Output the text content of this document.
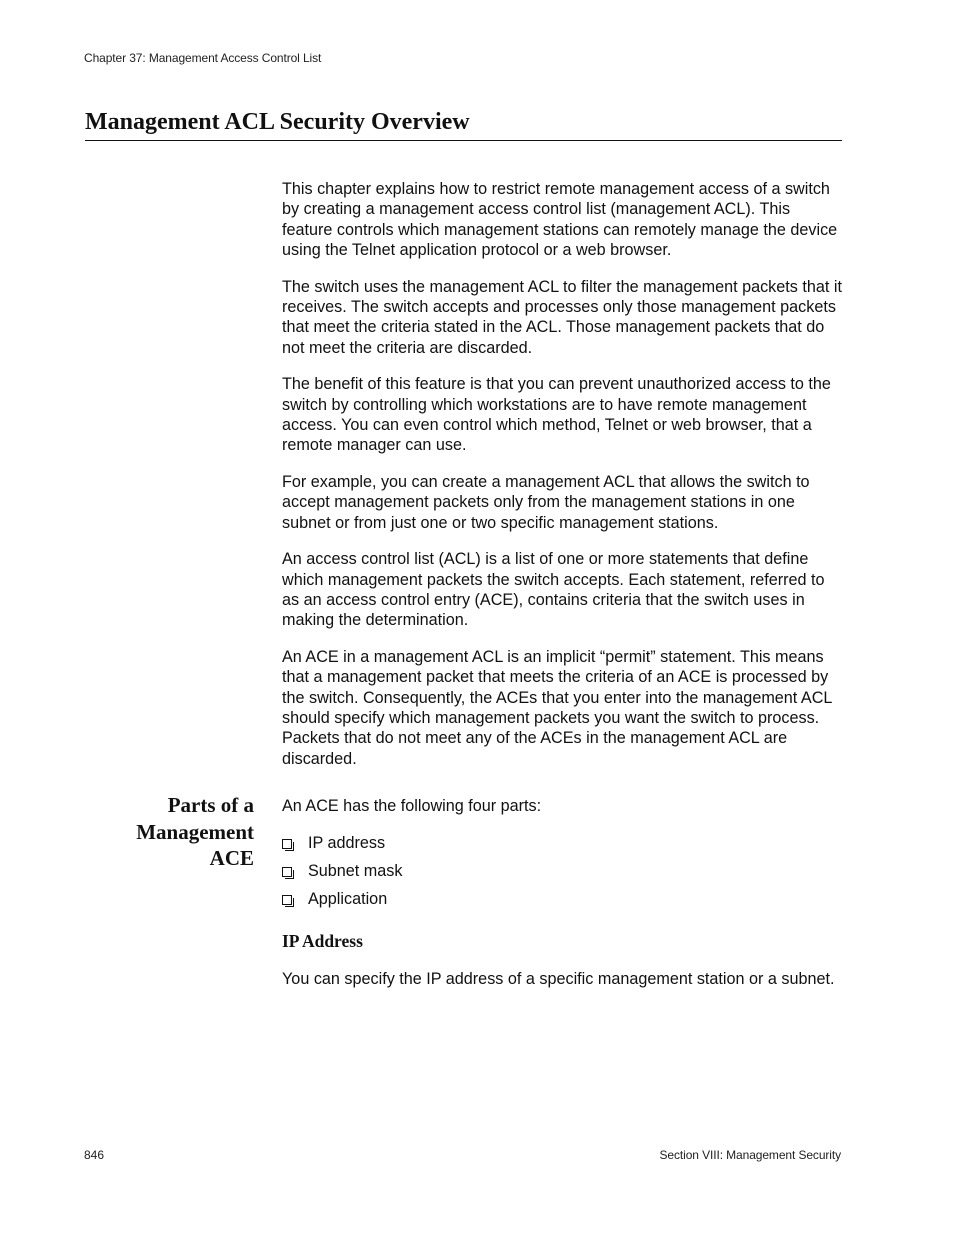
Chapter 37: Management Access Control List
Management ACL Security Overview

This chapter explains how to restrict remote management access of a switch by creating a management access control list (management ACL). This feature controls which management stations can remotely manage the device using the Telnet application protocol or a web browser.

The switch uses the management ACL to filter the management packets that it receives. The switch accepts and processes only those management packets that meet the criteria stated in the ACL. Those management packets that do not meet the criteria are discarded.

The benefit of this feature is that you can prevent unauthorized access to the switch by controlling which workstations are to have remote management access. You can even control which method, Telnet or web browser, that a remote manager can use.

For example, you can create a management ACL that allows the switch to accept management packets only from the management stations in one subnet or from just one or two specific management stations.

An access control list (ACL) is a list of one or more statements that define which management packets the switch accepts. Each statement, referred to as an access control entry (ACE), contains criteria that the switch uses in making the determination.

An ACE in a management ACL is an implicit “permit” statement. This means that a management packet that meets the criteria of an ACE is processed by the switch. Consequently, the ACEs that you enter into the management ACL should specify which management packets you want the switch to process. Packets that do not meet any of the ACEs in the management ACL are discarded.

Parts of a
Management
ACE

An ACE has the following four parts:

IP address
Subnet mask
Application
IP Address

You can specify the IP address of a specific management station or a subnet.

846	Section VIII: Management Security
